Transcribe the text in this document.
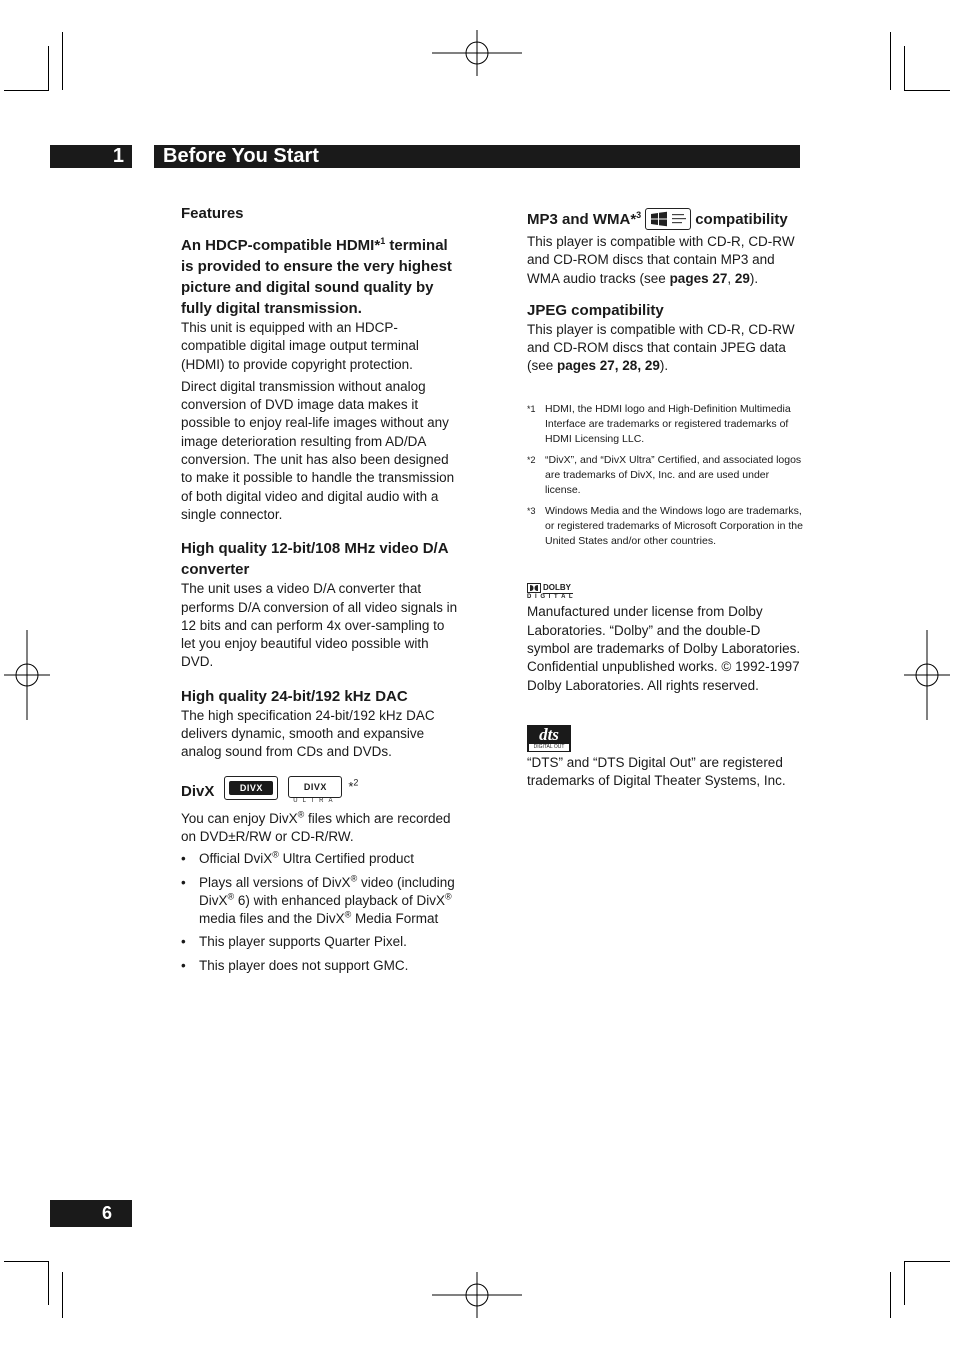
1	Before You Start
Features
An HDCP-compatible HDMI*$^1$ terminal is provided to ensure the very highest picture and digital sound quality by fully digital transmission.

This unit is equipped with an HDCP-compatible digital image output terminal (HDMI) to provide copyright protection.

Direct digital transmission without analog conversion of DVD image data makes it possible to enjoy real-life images without any image deterioration resulting from AD/DA conversion. The unit has also been designed to make it possible to handle the transmission of both digital video and digital audio with a single connector.

High quality 12-bit/108 MHz video D/A converter

The unit uses a video D/A converter that performs D/A conversion of all video signals in 12 bits and can perform 4x over-sampling to let you enjoy beautiful video possible with DVD.

High quality 24-bit/192 kHz DAC

The high specification 24-bit/192 kHz DAC delivers dynamic, smooth and expansive analog sound from CDs and DVDs.

DivX	DIVX	DIVX
ULTRA
*$^2$

You can enjoy DivX® files which are recorded on DVD±R/RW or CD-R/RW.

• Official DviX® Ultra Certified product

• Plays all versions of DivX® video (including DivX® 6) with enhanced playback of DivX® media files and the DivX® Media Format

• This player supports Quarter Pixel.

• This player does not support GMC.

MP3 and WMA*$^3$	compatibility

This player is compatible with CD-R, CD-RW and CD-ROM discs that contain MP3 and WMA audio tracks (see pages 27, 29).

JPEG compatibility

This player is compatible with CD-R, CD-RW and CD-ROM discs that contain JPEG data (see pages 27, 28, 29).

*1 HDMI, the HDMI logo and High-Definition Multimedia Interface are trademarks or registered trademarks of HDMI Licensing LLC.

*2 “DivX”, and “DivX Ultra” Certified, and associated logos are trademarks of DivX, Inc. and are used under license.

*3 Windows Media and the Windows logo are trademarks, or registered trademarks of Microsoft Corporation in the United States and/or other countries.

DOLBY
D I G I T A L

Manufactured under license from Dolby Laboratories. “Dolby” and the double-D symbol are trademarks of Dolby Laboratories. Confidential unpublished works. © 1992-1997 Dolby Laboratories. All rights reserved.

dts
DIGITAL OUT

“DTS” and “DTS Digital Out” are registered trademarks of Digital Theater Systems, Inc.

6
